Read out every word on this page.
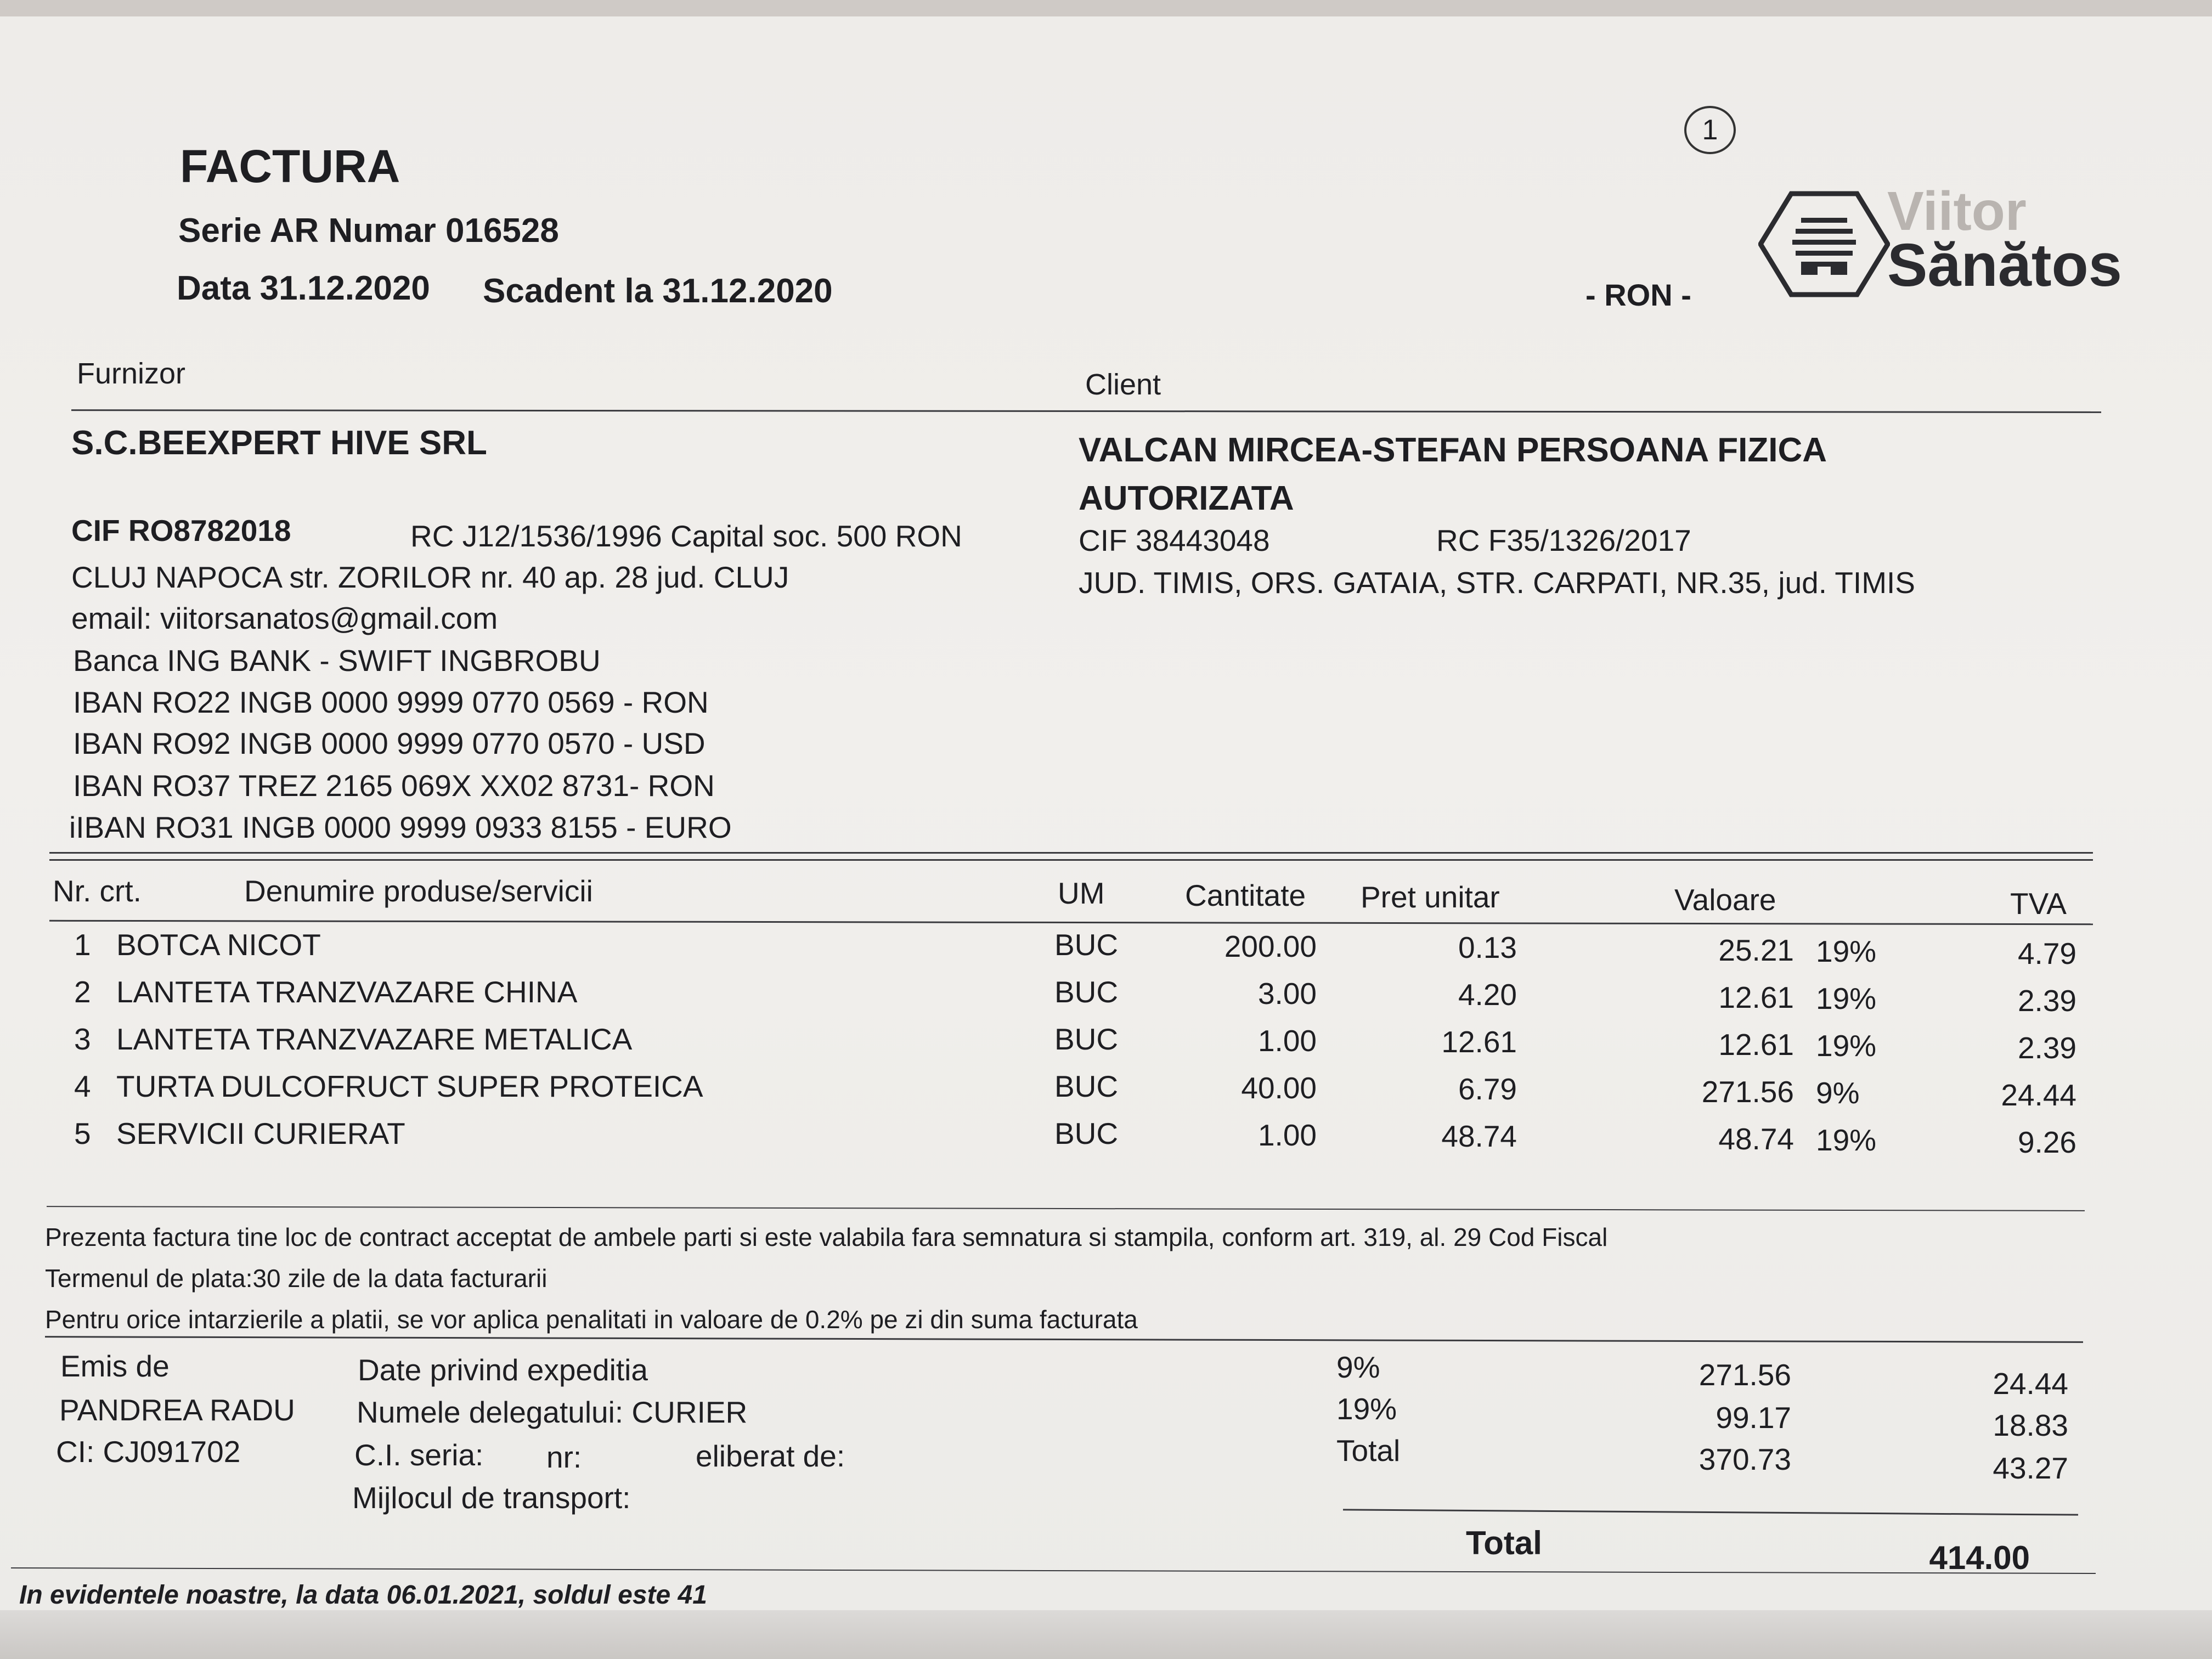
FACTURA
Serie AR Numar 016528
Data 31.12.2020 Scadent la 31.12.2020	- RON -
1
Viitor
Sănătos
Furnizor	Client
S.C.BEEXPERT HIVE SRL
CIF RO8782018	RC J12/1536/1996 Capital soc. 500 RON
CLUJ NAPOCA str. ZORILOR nr. 40 ap. 28 jud. CLUJ
email: viitorsanatos@gmail.com
Banca ING BANK - SWIFT INGBROBU
IBAN RO22 INGB 0000 9999 0770 0569 - RON
IBAN RO92 INGB 0000 9999 0770 0570 - USD
IBAN RO37 TREZ 2165 069X XX02 8731- RON
iIBAN RO31 INGB 0000 9999 0933 8155 - EURO
VALCAN MIRCEA-STEFAN PERSOANA FIZICA
AUTORIZATA
CIF 38443048	RC F35/1326/2017
JUD. TIMIS, ORS. GATAIA, STR. CARPATI, NR.35, jud. TIMIS
Nr. crt.	Denumire produse/servicii	UM	Cantitate Pret unitar	Valoare	TVA
1 BOTCA NICOT	BUC	200.00	0.13	25.21 19%	4.79
2 LANTETA TRANZVAZARE CHINA	BUC	3.00	4.20	12.61 19%	2.39
3 LANTETA TRANZVAZARE METALICA	BUC	1.00	12.61	12.61 19%	2.39
4 TURTA DULCOFRUCT SUPER PROTEICA	BUC	40.00	6.79	271.56 9%	24.44
5 SERVICII CURIERAT	BUC	1.00	48.74	48.74 19%	9.26
Prezenta factura tine loc de contract acceptat de ambele parti si este valabila fara semnatura si stampila, conform art. 319, al. 29 Cod Fiscal
Termenul de plata:30 zile de la data facturarii
Pentru orice intarzierile a platii, se vor aplica penalitati in valoare de 0.2% pe zi din suma facturata
Emis de
PANDREA RADU
CI: CJ091702
Date privind expeditia
Numele delegatului: CURIER
C.I. seria: nr:	eliberat de:
Mijlocul de transport:
9%	271.56	24.44
19%	99.17	18.83
Total	370.73	43.27
Total	414.00
In evidentele noastre, la data 06.01.2021, soldul este 41
